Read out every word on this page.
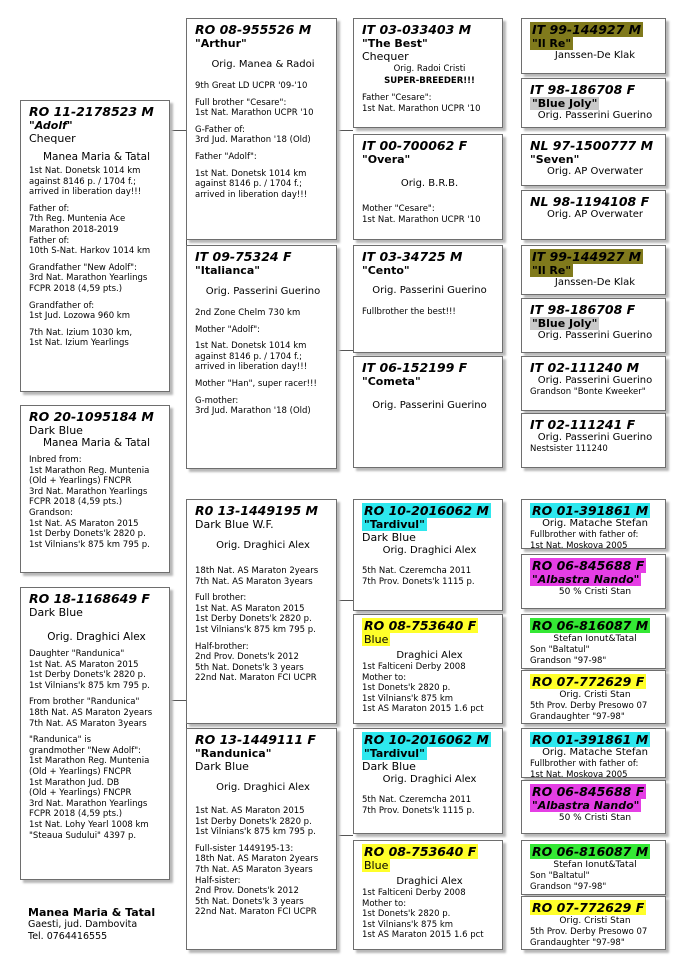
RO 11-2178523 M
"Adolf"
Chequer
Manea Maria & Tatal
1st Nat. Donetsk 1014 km
against 8146 p. / 1704 f.;
arrived in liberation day!!!
Father of:
7th Reg. Muntenia Ace
Marathon 2018-2019
Father of:
10th S-Nat. Harkov 1014 km
Grandfather "New Adolf":
3rd Nat. Marathon Yearlings
FCPR 2018 (4,59 pts.)
Grandfather of:
1st Jud. Lozowa 960 km
7th Nat. Izium 1030 km,
1st Nat. Izium Yearlings
RO 20-1095184 M
Dark Blue
Manea Maria & Tatal
Inbred from:
1st Marathon Reg. Muntenia
(Old + Yearlings) FNCPR
3rd Nat. Marathon Yearlings
FCPR 2018 (4,59 pts.)
Grandson:
1st Nat. AS Maraton 2015
1st Derby Donets'k 2820 p.
1st Vilnians'k 875 km 795 p.
RO 18-1168649 F
Dark Blue
Orig. Draghici Alex
Daughter "Randunica"
1st Nat. AS Maraton 2015
1st Derby Donets'k 2820 p.
1st Vilnians'k 875 km 795 p.
From brother "Randunica"
18th Nat. AS Maraton 2years
7th Nat. AS Maraton 3years
"Randunica" is
grandmother "New Adolf":
1st Marathon Reg. Muntenia
(Old + Yearlings) FNCPR
1st Marathon Jud. DB
(Old + Yearlings) FNCPR
3rd Nat. Marathon Yearlings
FCPR 2018 (4,59 pts.)
1st Nat. Lohy Yearl 1008 km
"Steaua Sudului" 4397 p.
Manea Maria & Tatal
Gaesti, jud. Dambovita
Tel. 0764416555
RO 08-955526 M
"Arthur"
Orig. Manea & Radoi
9th Great LD UCPR '09-'10
Full brother "Cesare":
1st Nat. Marathon UCPR '10
G-Father of:
3rd Jud. Marathon '18 (Old)
Father "Adolf":
1st Nat. Donetsk 1014 km
against 8146 p. / 1704 f.;
arrived in liberation day!!!
IT 09-75324 F
"Italianca"
Orig. Passerini Guerino
2nd Zone Chelm 730 km
Mother "Adolf":
1st Nat. Donetsk 1014 km
against 8146 p. / 1704 f.;
arrived in liberation day!!!
Mother "Han", super racer!!!
G-mother:
3rd Jud. Marathon '18 (Old)
R0 13-1449195 M
Dark Blue W.F.
Orig. Draghici Alex
18th Nat. AS Maraton 2years
7th Nat. AS Maraton 3years
Full brother:
1st Nat. AS Maraton 2015
1st Derby Donets'k 2820 p.
1st Vilnians'k 875 km 795 p.
Half-brother:
2nd Prov. Donets'k 2012
5th Nat. Donets'k 3 years
22nd Nat. Maraton FCI UCPR
RO 13-1449111 F
"Randunica"
Dark Blue
Orig. Draghici Alex
1st Nat. AS Maraton 2015
1st Derby Donets'k 2820 p.
1st Vilnians'k 875 km 795 p.
Full-sister 1449195-13:
18th Nat. AS Maraton 2years
7th Nat. AS Maraton 3years
Half-sister:
2nd Prov. Donets'k 2012
5th Nat. Donets'k 3 years
22nd Nat. Maraton FCI UCPR
IT 03-033403 M
"The Best"
Chequer
Orig. Radoi Cristi
SUPER-BREEDER!!!
Father "Cesare":
1st Nat. Marathon UCPR '10
IT 00-700062 F
"Overa"
Orig. B.R.B.
Mother "Cesare":
1st Nat. Marathon UCPR '10
IT 03-34725 M
"Cento"
Orig. Passerini Guerino
Fullbrother the best!!!
IT 06-152199 F
"Cometa"
Orig. Passerini Guerino
RO 10-2016062 M
"Tardivul"
Dark Blue
Orig. Draghici Alex
5th Nat. Czeremcha 2011
7th Prov. Donets'k 1115 p.
RO 08-753640 F
Blue
Draghici Alex
1st Falticeni Derby 2008
Mother to:
1st Donets'k 2820 p.
1st Vilnians'k 875 km
1st AS Maraton 2015 1.6 pct
RO 10-2016062 M
"Tardivul"
Dark Blue
Orig. Draghici Alex
5th Nat. Czeremcha 2011
7th Prov. Donets'k 1115 p.
RO 08-753640 F
Blue
Draghici Alex
1st Falticeni Derby 2008
Mother to:
1st Donets'k 2820 p.
1st Vilnians'k 875 km
1st AS Maraton 2015 1.6 pct
IT 99-144927 M
"Il Re"
Janssen-De Klak
IT 98-186708 F
"Blue Joly"
Orig. Passerini Guerino
NL 97-1500777 M
"Seven"
Orig. AP Overwater
NL 98-1194108 F
Orig. AP Overwater
IT 99-144927 M
"Il Re"
Janssen-De Klak
IT 98-186708 F
"Blue Joly"
Orig. Passerini Guerino
IT 02-111240 M
Orig. Passerini Guerino
Grandson "Bonte Kweeker"
IT 02-111241 F
Orig. Passerini Guerino
Nestsister 111240
RO 01-391861 M
Orig. Matache Stefan
Fullbrother with father of:
1st Nat. Moskova 2005
RO 06-845688 F
"Albastra Nando"
50 % Cristi Stan
RO 06-816087 M
Stefan Ionut&Tatal
Son "Baltatul"
Grandson "97-98"
RO 07-772629 F
Orig. Cristi Stan
5th Prov. Derby Presowo 07
Grandaughter "97-98"
RO 01-391861 M
Orig. Matache Stefan
Fullbrother with father of:
1st Nat. Moskova 2005
RO 06-845688 F
"Albastra Nando"
50 % Cristi Stan
RO 06-816087 M
Stefan Ionut&Tatal
Son "Baltatul"
Grandson "97-98"
RO 07-772629 F
Orig. Cristi Stan
5th Prov. Derby Presowo 07
Grandaughter "97-98"
